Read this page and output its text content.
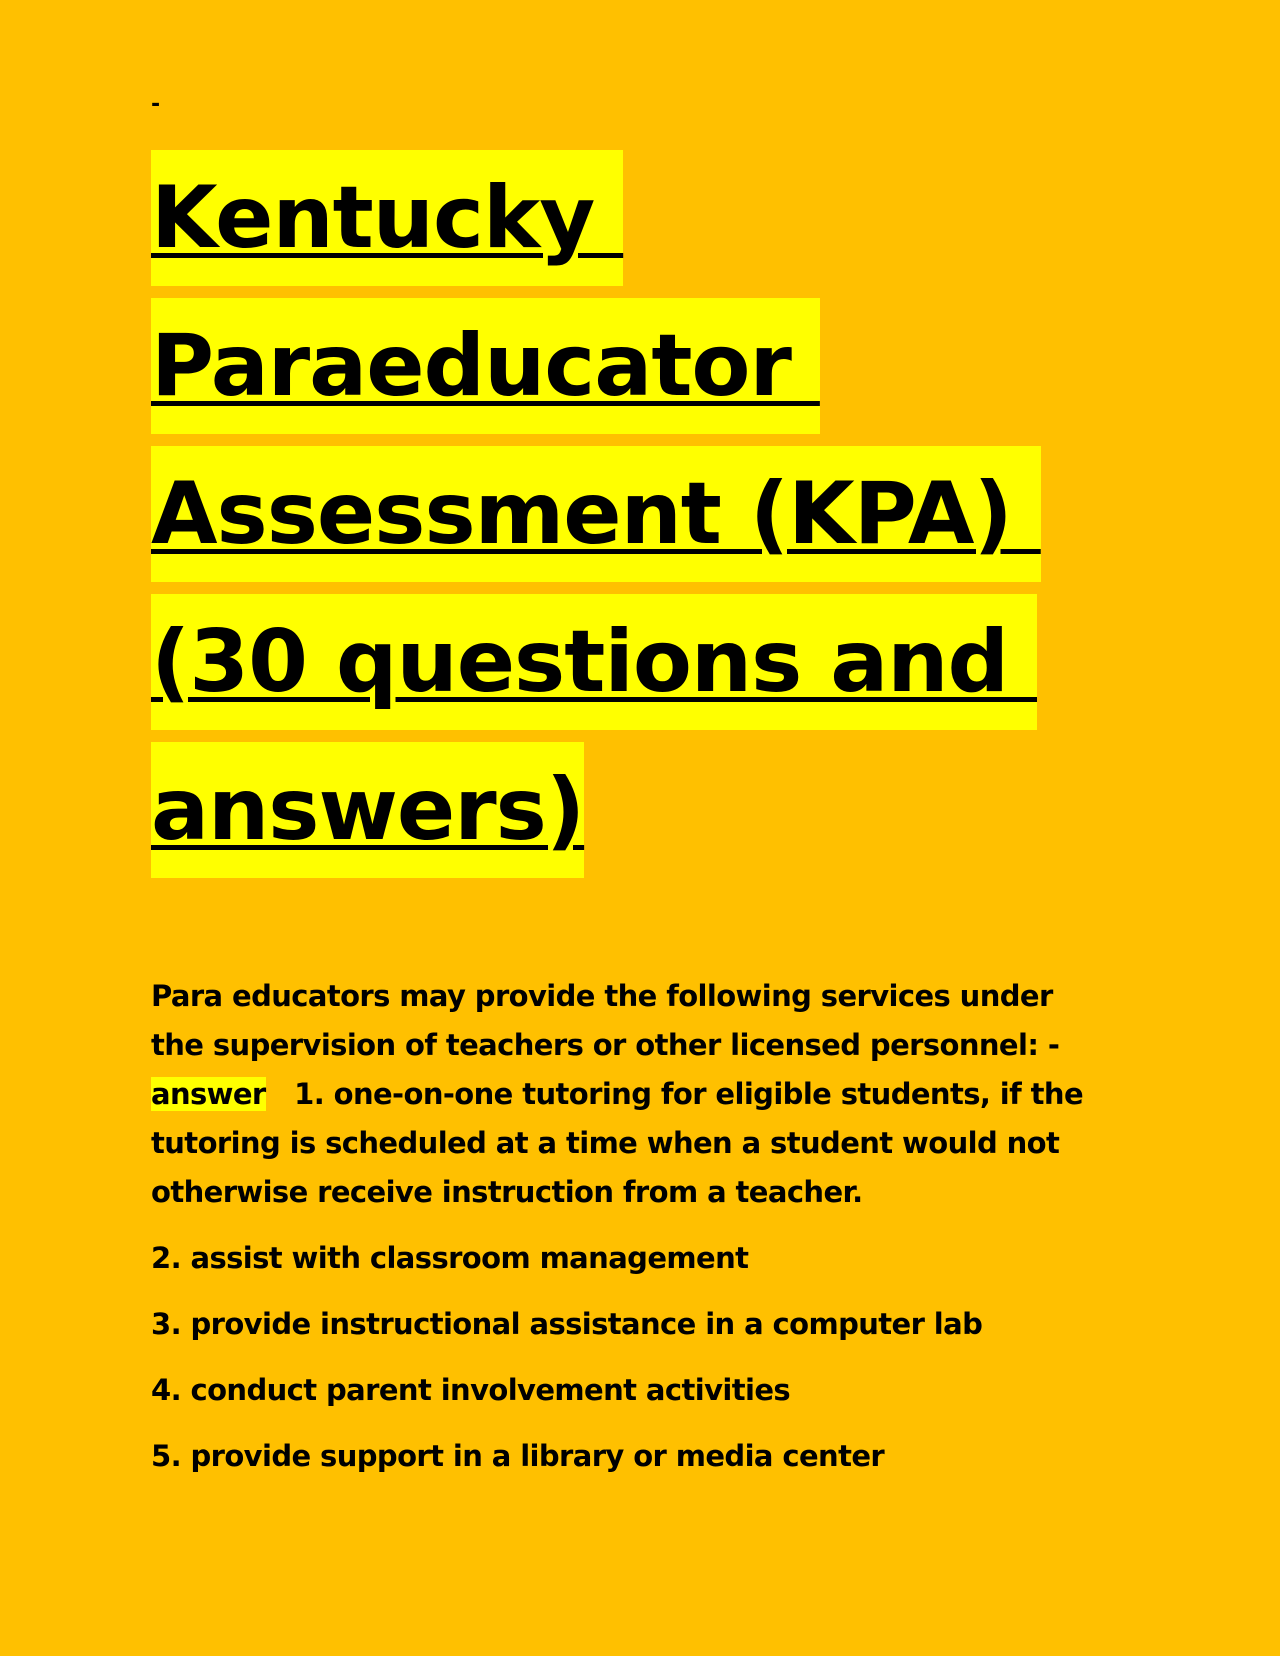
-
Kentucky
Paraeducator
Assessment (KPA)
(30 questions and
answers)

Para educators may provide the following services under
the supervision of teachers or other licensed personnel: -
answer   1. one-on-one tutoring for eligible students, if the
tutoring is scheduled at a time when a student would not
otherwise receive instruction from a teacher.

2. assist with classroom management

3. provide instructional assistance in a computer lab

4. conduct parent involvement activities

5. provide support in a library or media center
